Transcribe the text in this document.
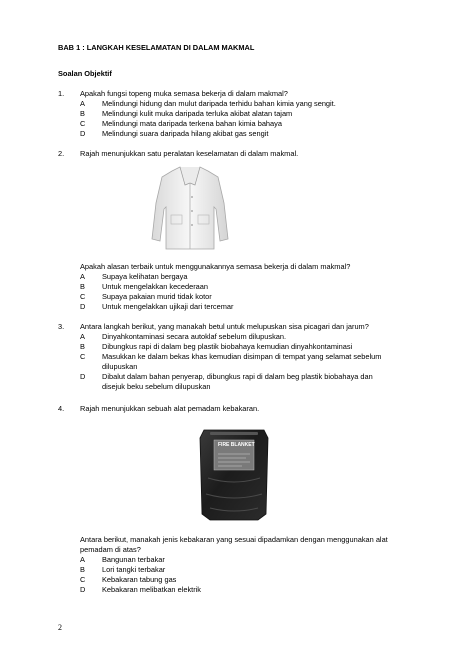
BAB 1 : LANGKAH KESELAMATAN DI DALAM MAKMAL
Soalan Objektif
1. Apakah fungsi topeng muka semasa bekerja di dalam makmal?
A Melindungi hidung dan mulut daripada terhidu bahan kimia yang sengit.
B Melindungi kulit muka daripada terluka akibat alatan tajam
C Melindungi mata daripada terkena bahan kimia bahaya
D Melindungi suara daripada hilang akibat gas sengit
2. Rajah menunjukkan satu peralatan keselamatan di dalam makmal.
Apakah alasan terbaik untuk menggunakannya semasa bekerja di dalam makmal?
A Supaya kelihatan bergaya
B Untuk mengelakkan kecederaan
C Supaya pakaian murid tidak kotor
D Untuk mengelakkan ujikaji dari tercemar
3. Antara langkah berikut, yang manakah betul untuk melupuskan sisa picagari dan jarum?
A Dinyahkontaminasi secara autoklaf sebelum dilupuskan.
B Dibungkus rapi di dalam beg plastik biobahaya kemudian dinyahkontaminasi
C Masukkan ke dalam bekas khas kemudian disimpan di tempat yang selamat sebelum
dilupuskan
D Dibalut dalam bahan penyerap, dibungkus rapi di dalam beg plastik biobahaya dan
disejuk beku sebelum dilupuskan
4. Rajah menunjukkan sebuah alat pemadam kebakaran.
FIRE BLANKET
Antara berikut, manakah jenis kebakaran yang sesuai dipadamkan dengan menggunakan alat
pemadam di atas?
A Bangunan terbakar
B Lori tangki terbakar
C Kebakaran tabung gas
D Kebakaran melibatkan elektrik
2
